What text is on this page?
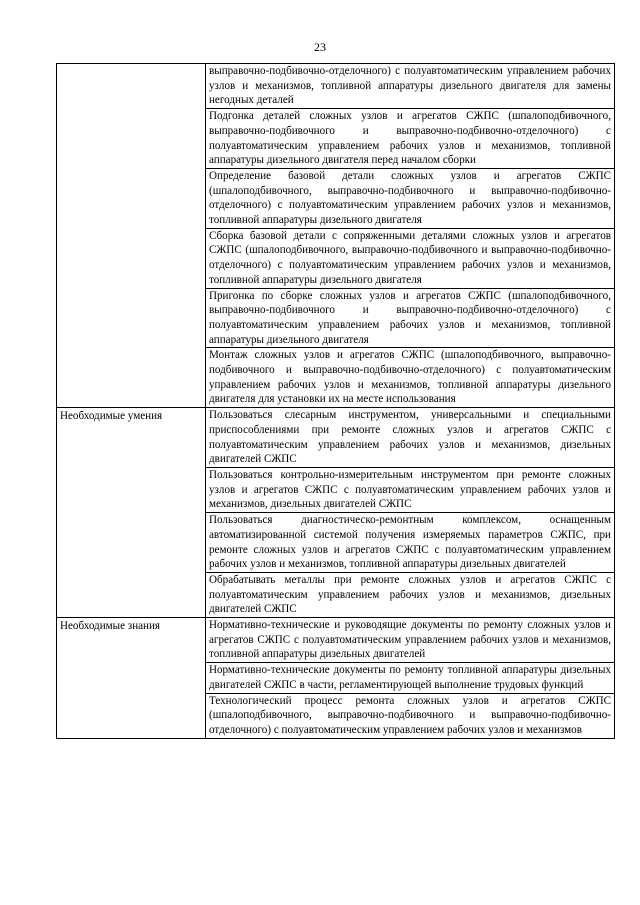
23

	выправочно-подбивочно-отделочного) с полуавтоматическим управлением рабочих узлов и механизмов, топливной аппаратуры дизельного двигателя для замены негодных деталей

	Подгонка деталей сложных узлов и агрегатов СЖПС (шпалоподбивочного, выправочно-подбивочного и выправочно-подбивочно-отделочного) с полуавтоматическим управлением рабочих узлов и механизмов, топливной аппаратуры дизельного двигателя перед началом сборки

	Определение базовой детали сложных узлов и агрегатов СЖПС (шпалоподбивочного, выправочно-подбивочного и выправочно-подбивочно-отделочного) с полуавтоматическим управлением рабочих узлов и механизмов, топливной аппаратуры дизельного двигателя

	Сборка базовой детали с сопряженными деталями сложных узлов и агрегатов СЖПС (шпалоподбивочного, выправочно-подбивочного и выправочно-подбивочно-отделочного) с полуавтоматическим управлением рабочих узлов и механизмов, топливной аппаратуры дизельного двигателя

	Пригонка по сборке сложных узлов и агрегатов СЖПС (шпалоподбивочного, выправочно-подбивочного и выправочно-подбивочно-отделочного) с полуавтоматическим управлением рабочих узлов и механизмов, топливной аппаратуры дизельного двигателя

	Монтаж сложных узлов и агрегатов СЖПС (шпалоподбивочного, выправочно-подбивочного и выправочно-подбивочно-отделочного) с полуавтоматическим управлением рабочих узлов и механизмов, топливной аппаратуры дизельного двигателя для установки их на месте использования

Необходимые умения	Пользоваться слесарным инструментом, универсальными и специальными приспособлениями при ремонте сложных узлов и агрегатов СЖПС с полуавтоматическим управлением рабочих узлов и механизмов, дизельных двигателей СЖПС

	Пользоваться контрольно-измерительным инструментом при ремонте сложных узлов и агрегатов СЖПС с полуавтоматическим управлением рабочих узлов и механизмов, дизельных двигателей СЖПС

	Пользоваться диагностическо-ремонтным комплексом, оснащенным автоматизированной системой получения измеряемых параметров СЖПС, при ремонте сложных узлов и агрегатов СЖПС с полуавтоматическим управлением рабочих узлов и механизмов, топливной аппаратуры дизельных двигателей

	Обрабатывать металлы при ремонте сложных узлов и агрегатов СЖПС с полуавтоматическим управлением рабочих узлов и механизмов, дизельных двигателей СЖПС

Необходимые знания	Нормативно-технические и руководящие документы по ремонту сложных узлов и агрегатов СЖПС с полуавтоматическим управлением рабочих узлов и механизмов, топливной аппаратуры дизельных двигателей

	Нормативно-технические документы по ремонту топливной аппаратуры дизельных двигателей СЖПС в части, регламентирующей выполнение трудовых функций

	Технологический процесс ремонта сложных узлов и агрегатов СЖПС (шпалоподбивочного, выправочно-подбивочного и выправочно-подбивочно-отделочного) с полуавтоматическим управлением рабочих узлов и механизмов
